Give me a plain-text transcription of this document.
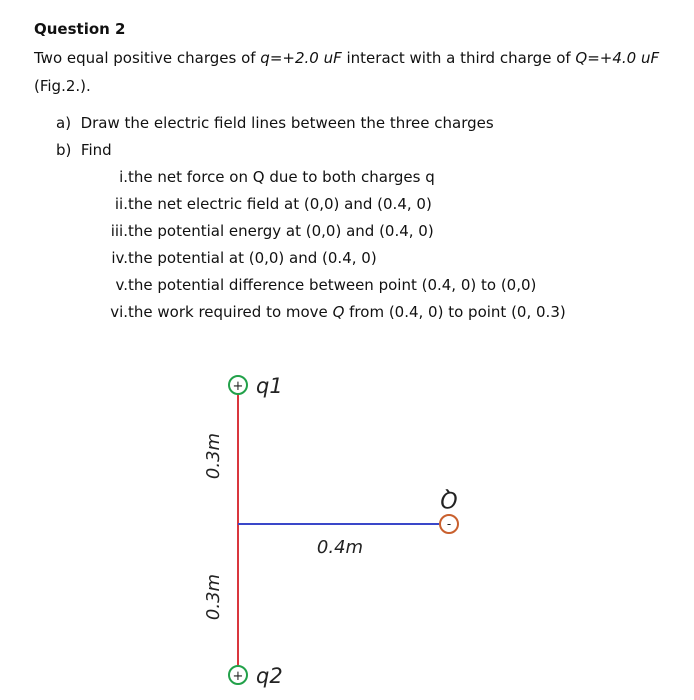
Question 2
Two equal positive charges of q=+2.0 uF interact with a third charge of Q=+4.0 uF
(Fig.2.).
a) Draw the electric field lines between the three charges
b) Find
i.the net force on Q due to both charges q
ii.the net electric field at (0,0) and (0.4, 0)
iii.the potential energy at (0,0) and (0.4, 0)
iv.the potential at (0,0) and (0.4, 0)
v.the potential difference between point (0.4, 0) to (0,0)
vi.the work required to move Q from (0.4, 0) to point (0, 0.3)
+ q1
+ q2
-
Q
0.3m
0.3m
0.4m
